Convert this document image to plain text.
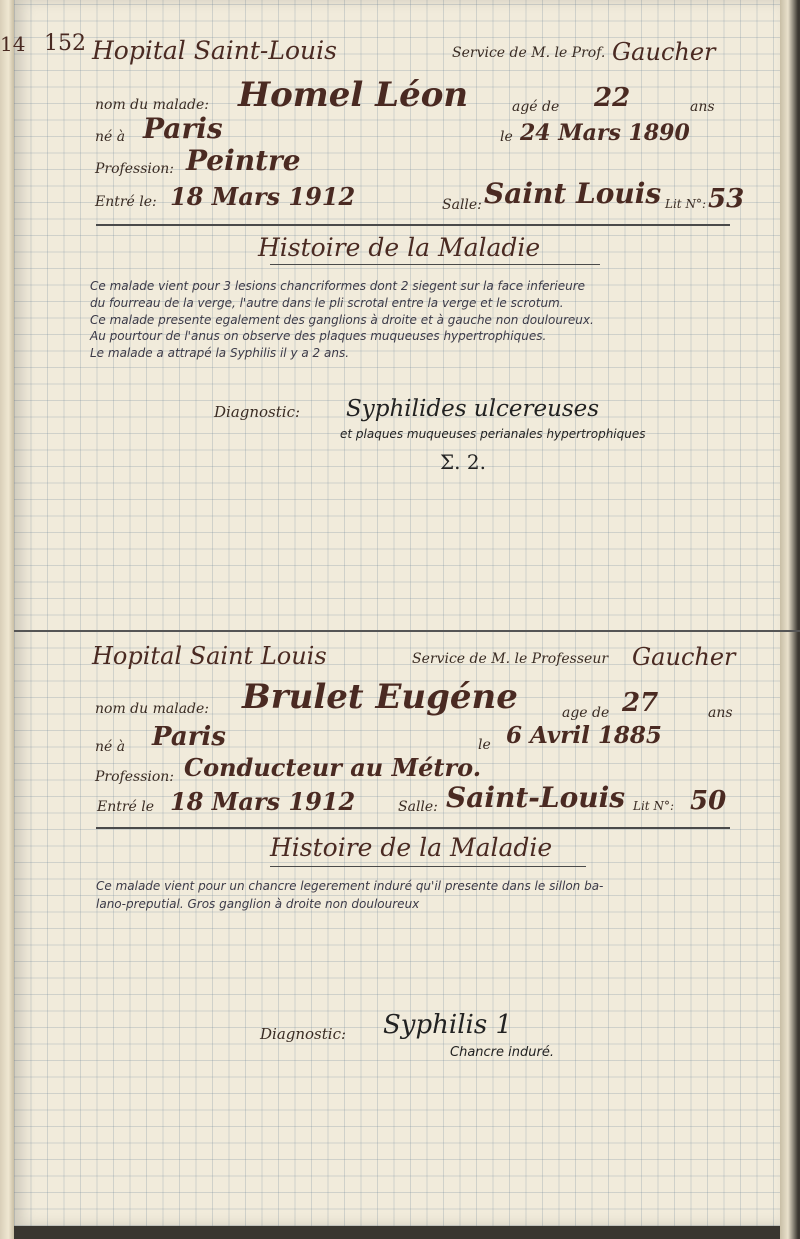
14 152 Hopital Saint-Louis	Service de M. le Prof. Gaucher
nom du malade: Homel Léon	agé de 22	ans
né à Paris	le 24 Mars 1890
Profession: Peintre
Entré le: 18 Mars 1912	Salle: Saint Louis Lit N°: 53
Histoire de la Maladie
Ce malade vient pour 3 lesions chancriformes dont 2 siegent sur la face inferieure
du fourreau de la verge, l'autre dans le pli scrotal entre la verge et le scrotum.
Ce malade presente egalement des ganglions à droite et à gauche non douloureux.
Au pourtour de l'anus on observe des plaques muqueuses hypertrophiques.
Le malade a attrapé la Syphilis il y a 2 ans.
Diagnostic: Syphilides ulcereuses
et plaques muqueuses perianales hypertrophiques
Σ. 2.
Hopital Saint Louis	Service de M. le Professeur Gaucher
nom du malade: Brulet Eugéne	age de 27	ans
né à Paris	le 6 Avril 1885
Profession: Conducteur au Métro.
Entré le 18 Mars 1912	Salle: Saint-Louis Lit N°: 50
Histoire de la Maladie
Ce malade vient pour un chancre legerement induré qu'il presente dans le sillon ba-
lano-preputial. Gros ganglion à droite non douloureux
Diagnostic: Syphilis 1
Chancre induré.
